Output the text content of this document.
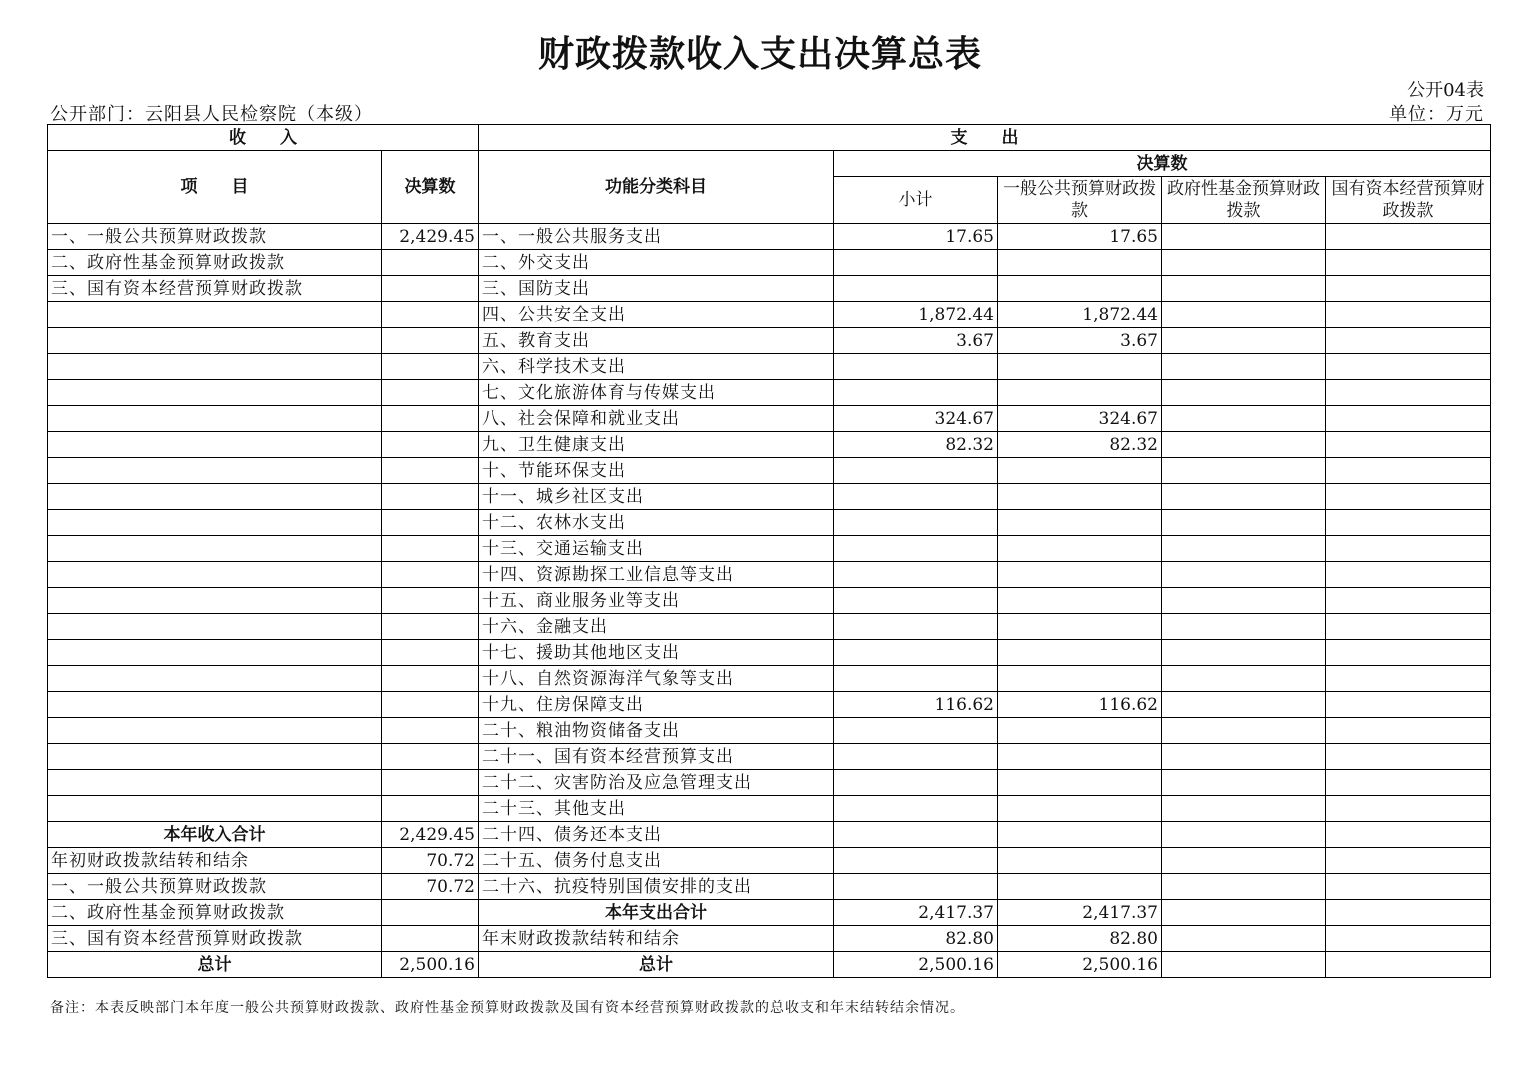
财政拨款收入支出决算总表
公开04表
公开部门：云阳县人民检察院（本级）	单位：万元
收　　入		支　　出				
项　　目	决算数	功能分类科目	决算数			
			小计	一般公共预算财政拨款	政府性基金预算财政拨款	国有资本经营预算财政拨款
一、一般公共预算财政拨款	2,429.45	一、一般公共服务支出	17.65	17.65		
二、政府性基金预算财政拨款		二、外交支出				
三、国有资本经营预算财政拨款		三、国防支出				
		四、公共安全支出	1,872.44	1,872.44		
		五、教育支出	3.67	3.67		
		六、科学技术支出				
		七、文化旅游体育与传媒支出				
		八、社会保障和就业支出	324.67	324.67		
		九、卫生健康支出	82.32	82.32		
		十、节能环保支出				
		十一、城乡社区支出				
		十二、农林水支出				
		十三、交通运输支出				
		十四、资源勘探工业信息等支出				
		十五、商业服务业等支出				
		十六、金融支出				
		十七、援助其他地区支出				
		十八、自然资源海洋气象等支出				
		十九、住房保障支出	116.62	116.62		
		二十、粮油物资储备支出				
		二十一、国有资本经营预算支出				
		二十二、灾害防治及应急管理支出				
		二十三、其他支出				
本年收入合计	2,429.45	二十四、债务还本支出				
年初财政拨款结转和结余	70.72	二十五、债务付息支出				
一、一般公共预算财政拨款	70.72	二十六、抗疫特别国债安排的支出				
二、政府性基金预算财政拨款		本年支出合计	2,417.37	2,417.37		
三、国有资本经营预算财政拨款		年末财政拨款结转和结余	82.80	82.80		
总计	2,500.16	总计	2,500.16	2,500.16		
备注：本表反映部门本年度一般公共预算财政拨款、政府性基金预算财政拨款及国有资本经营预算财政拨款的总收支和年末结转结余情况。
